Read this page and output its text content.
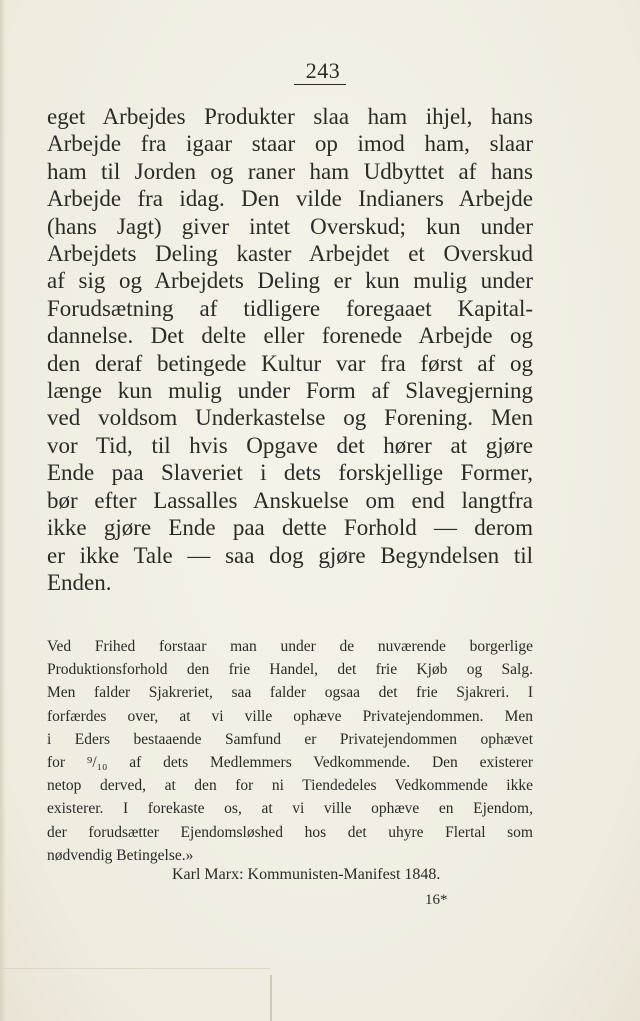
243
eget Arbejdes Produkter slaa ham ihjel, hans
Arbejde fra igaar staar op imod ham, slaar
ham til Jorden og raner ham Udbyttet af hans
Arbejde fra idag. Den vilde Indianers Arbejde
(hans Jagt) giver intet Overskud; kun under
Arbejdets Deling kaster Arbejdet et Overskud
af sig og Arbejdets Deling er kun mulig under
Forudsætning af tidligere foregaaet Kapital-
dannelse. Det delte eller forenede Arbejde og
den deraf betingede Kultur var fra først af og
længe kun mulig under Form af Slavegjerning
ved voldsom Underkastelse og Forening. Men
vor Tid, til hvis Opgave det hører at gjøre
Ende paa Slaveriet i dets forskjellige Former,
bør efter Lassalles Anskuelse om end langtfra
ikke gjøre Ende paa dette Forhold — derom
er ikke Tale — saa dog gjøre Begyndelsen til
Enden.
Ved Frihed forstaar man under de nuværende borgerlige
Produktionsforhold den frie Handel, det frie Kjøb og Salg.
Men falder Sjakreriet, saa falder ogsaa det frie Sjakreri. I
forfærdes over, at vi ville ophæve Privatejendommen. Men
i Eders bestaaende Samfund er Privatejendommen ophævet
for ⁹/₁₀ af dets Medlemmers Vedkommende. Den existerer
netop derved, at den for ni Tiendedeles Vedkommende ikke
existerer. I forekaste os, at vi ville ophæve en Ejendom,
der forudsætter Ejendomsløshed hos det uhyre Flertal som
nødvendig Betingelse.»
Karl Marx: Kommunisten-Manifest 1848.
16*
